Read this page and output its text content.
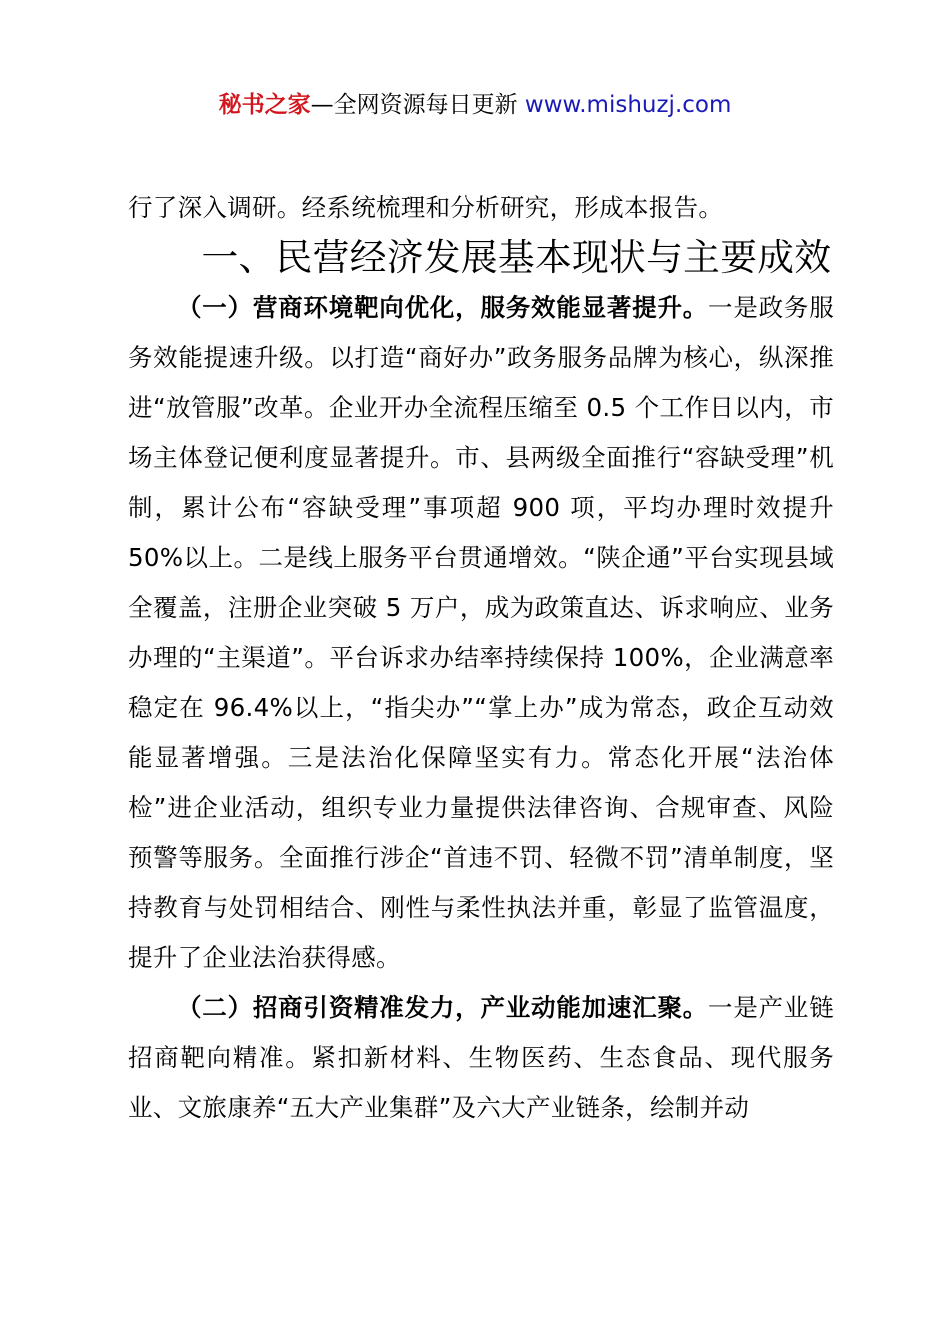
秘书之家—全网资源每日更新 www.mishuzj.com

行了深入调研。经系统梳理和分析研究，形成本报告。

一、民营经济发展基本现状与主要成效

（一）营商环境靶向优化，服务效能显著提升。一是政务服务效能提速升级。以打造“商好办”政务服务品牌为核心，纵深推进“放管服”改革。企业开办全流程压缩至 0.5 个工作日以内，市场主体登记便利度显著提升。市、县两级全面推行“容缺受理”机制，累计公布“容缺受理”事项超 900 项，平均办理时效提升 50%以上。二是线上服务平台贯通增效。“陕企通”平台实现县域全覆盖，注册企业突破 5 万户，成为政策直达、诉求响应、业务办理的“主渠道”。平台诉求办结率持续保持 100%，企业满意率稳定在 96.4%以上，“指尖办”“掌上办”成为常态，政企互动效能显著增强。三是法治化保障坚实有力。常态化开展“法治体检”进企业活动，组织专业力量提供法律咨询、合规审查、风险预警等服务。全面推行涉企“首违不罚、轻微不罚”清单制度，坚持教育与处罚相结合、刚性与柔性执法并重，彰显了监管温度，提升了企业法治获得感。

（二）招商引资精准发力，产业动能加速汇聚。一是产业链招商靶向精准。紧扣新材料、生物医药、生态食品、现代服务业、文旅康养“五大产业集群”及六大产业链条，绘制并动
